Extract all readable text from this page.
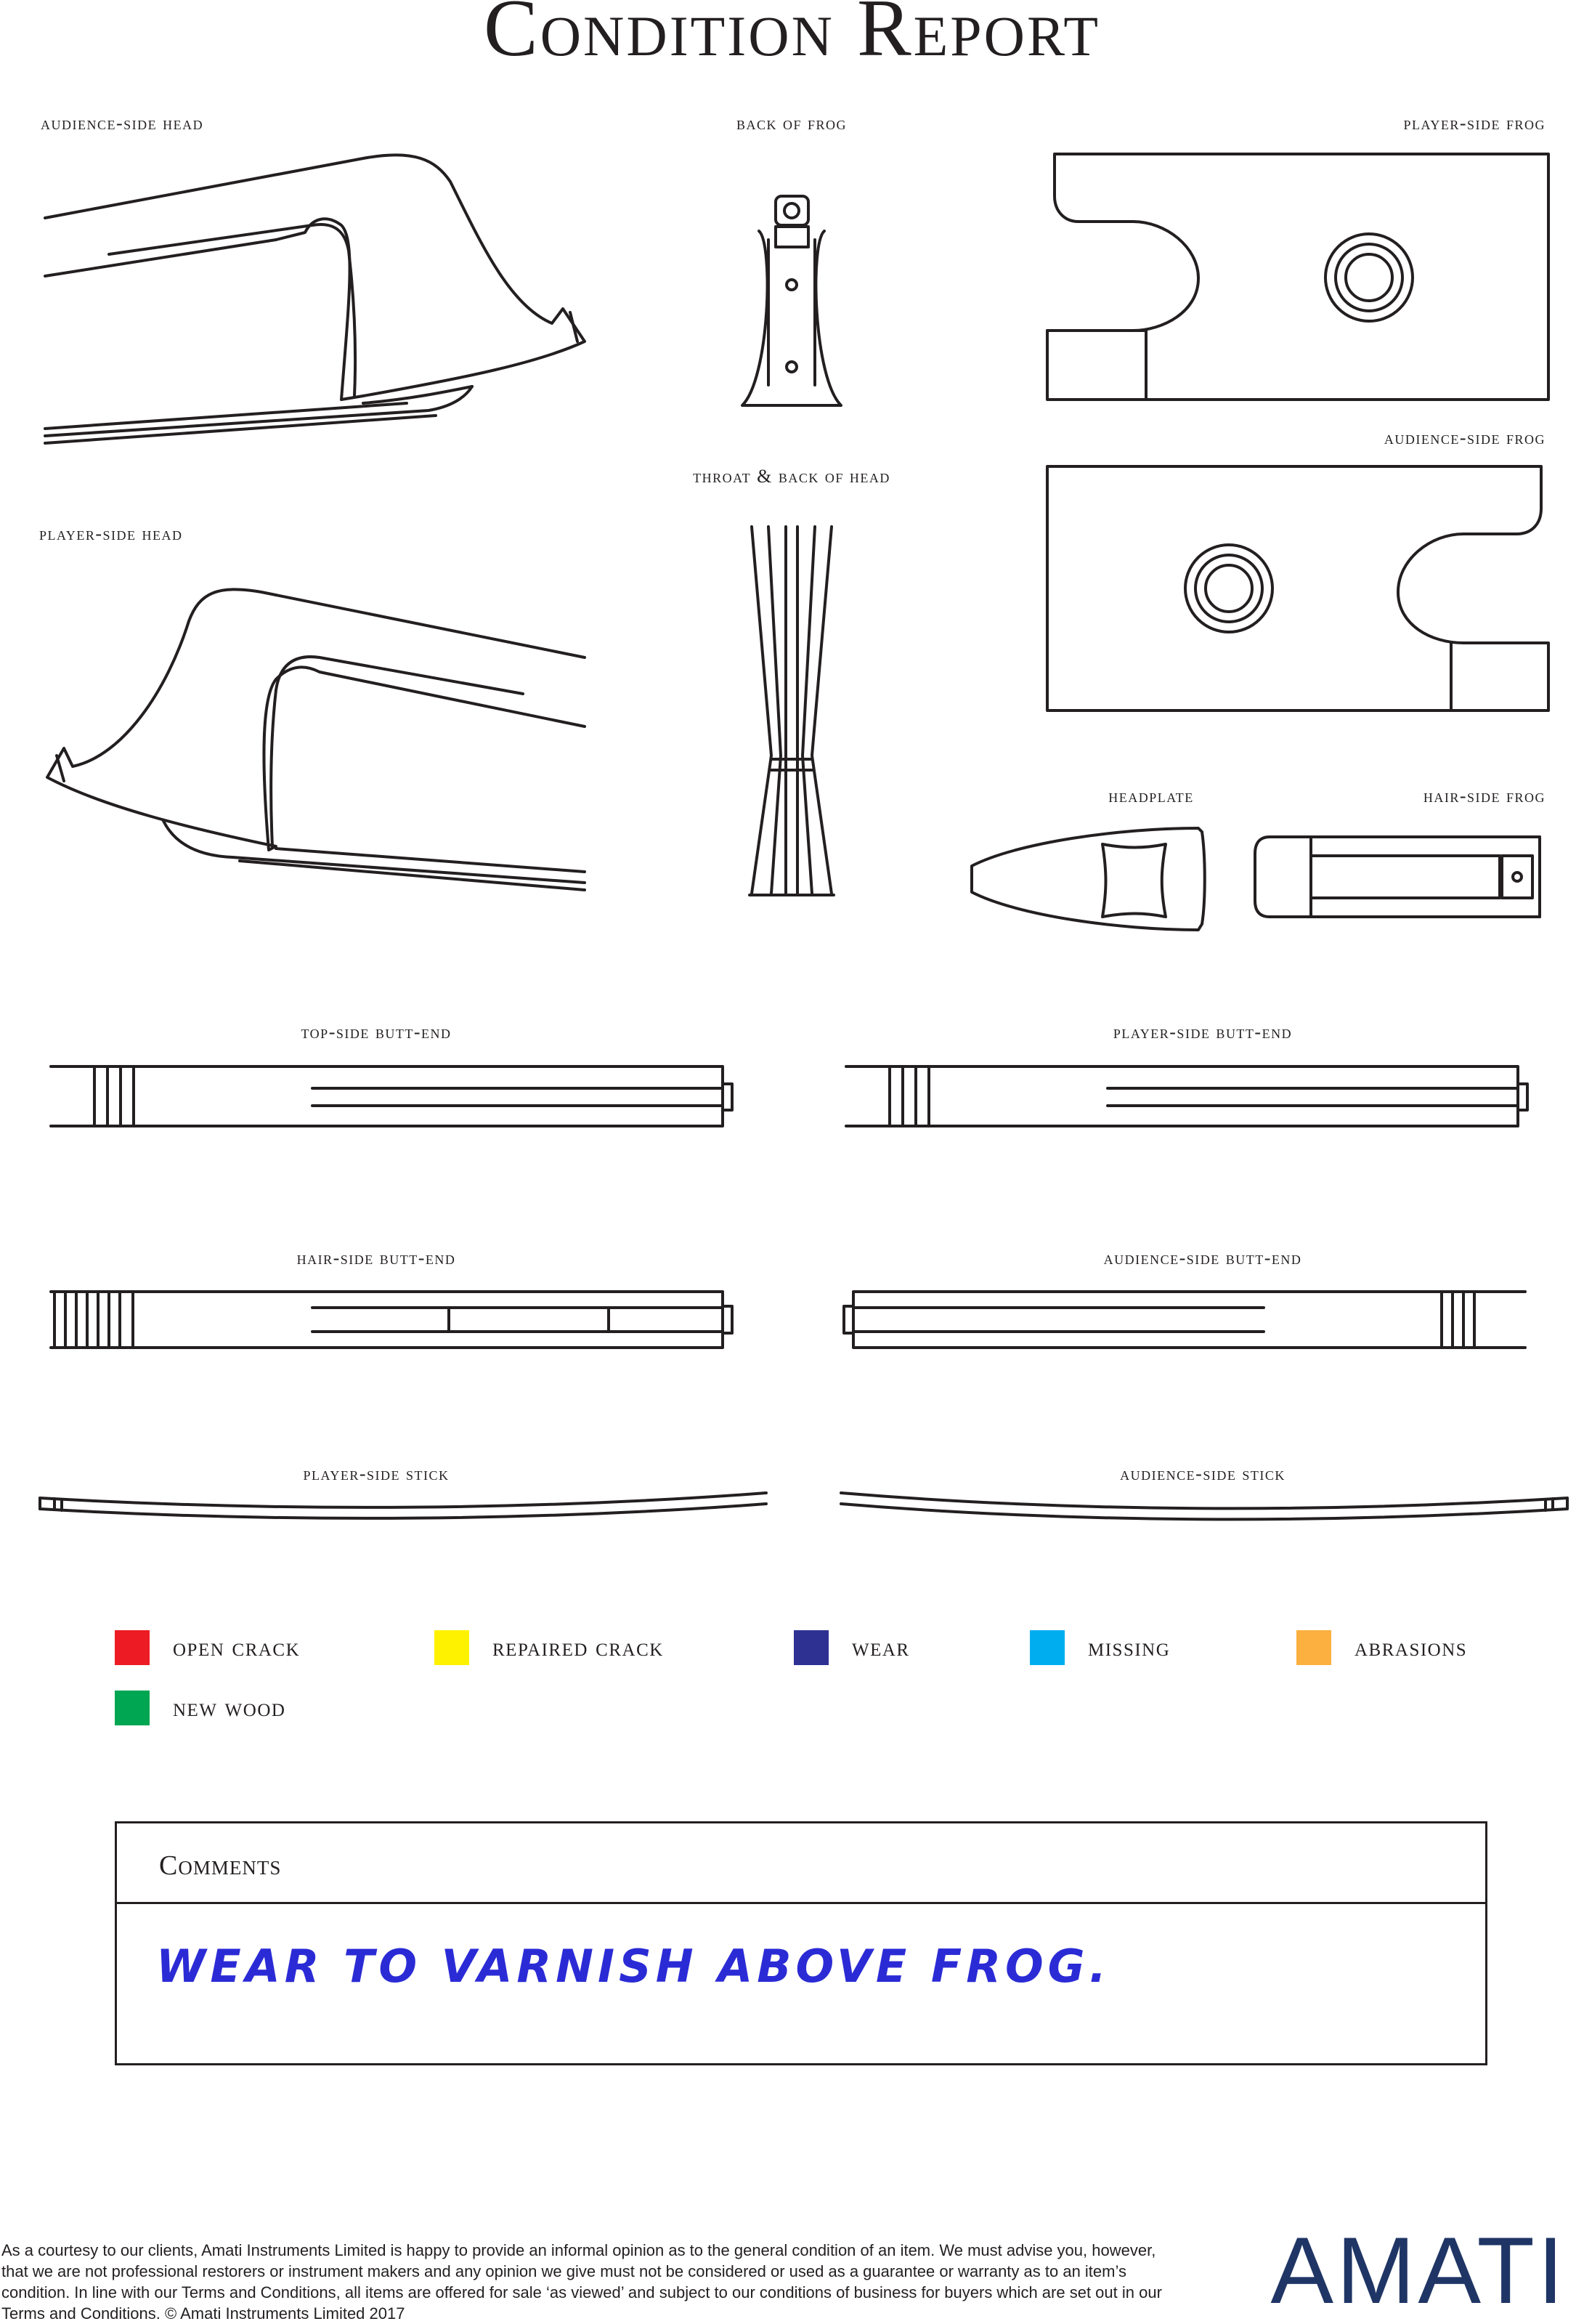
Condition Report
audience-side head	back of frog	player-side frog
audience-side frog
throat & back of head
player-side head
headplate	hair-side frog
top-side butt-end	player-side butt-end
hair-side butt-end	audience-side butt-end
player-side stick	audience-side stick
open crack	repaired crack	wear	missing	abrasions
new wood
Comments
WEAR TO VARNISH ABOVE FROG.
As a courtesy to our clients, Amati Instruments Limited is happy to provide an informal opinion as to the general condition of an item. We must advise you, however, that we are not professional restorers or instrument makers and any opinion we give must not be considered or used as a guarantee or warranty as to an item’s condition. In line with our Terms and Conditions, all items are offered for sale ‘as viewed’ and subject to our conditions of business for buyers which are set out in our Terms and Conditions. © Amati Instruments Limited 2017	AMATI
